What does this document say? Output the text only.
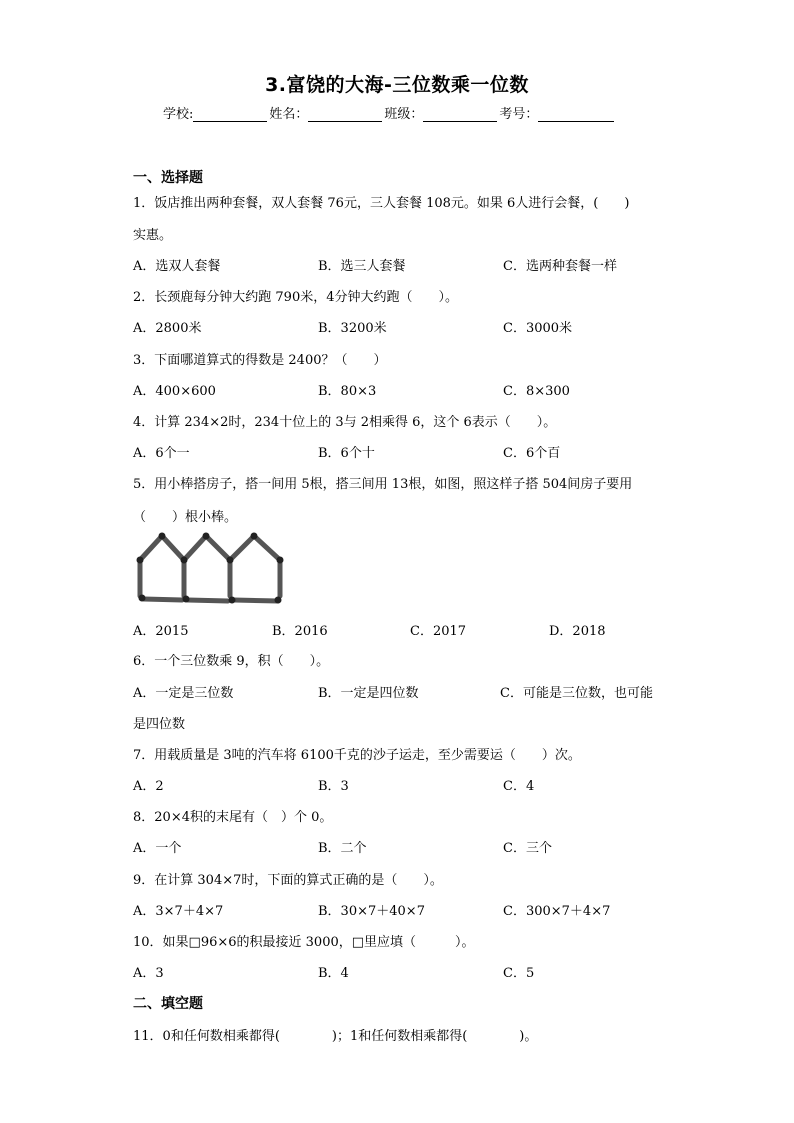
3.富饶的大海-三位数乘一位数
学校:	姓名：	班级：	考号：
一、选择题
1．饭店推出两种套餐，双人套餐 76元，三人套餐 108元。如果 6人进行会餐，(　　)
实惠。
A．选双人套餐	B．选三人套餐	C．选两种套餐一样
2．长颈鹿每分钟大约跑 790米，4分钟大约跑（　　）。
A．2800米	B．3200米	C．3000米
3．下面哪道算式的得数是 2400？（　　）
A．400×600	B．80×3	C．8×300
4．计算 234×2时，234十位上的 3与 2相乘得 6，这个 6表示（　　）。
A．6个一	B．6个十	C．6个百
5．用小棒搭房子，搭一间用 5根，搭三间用 13根，如图，照这样子搭 504间房子要用
（　　）根小棒。
A．2015	B．2016	C．2017	D．2018
6．一个三位数乘 9，积（　　）。
A．一定是三位数	B．一定是四位数	C．可能是三位数，也可能
是四位数
7．用载质量是 3吨的汽车将 6100千克的沙子运走，至少需要运（　　）次。
A．2	B．3	C．4
8．20×4积的末尾有（　）个 0。
A．一个	B．二个	C．三个
9．在计算 304×7时，下面的算式正确的是（　　）。
A．3×7＋4×7	B．30×7＋40×7	C．300×7＋4×7
10．如果□96×6的积最接近 3000，□里应填（　　　）。
A．3	B．4	C．5
二、填空题
11．0和任何数相乘都得(　　　　)；1和任何数相乘都得(　　　　)。
